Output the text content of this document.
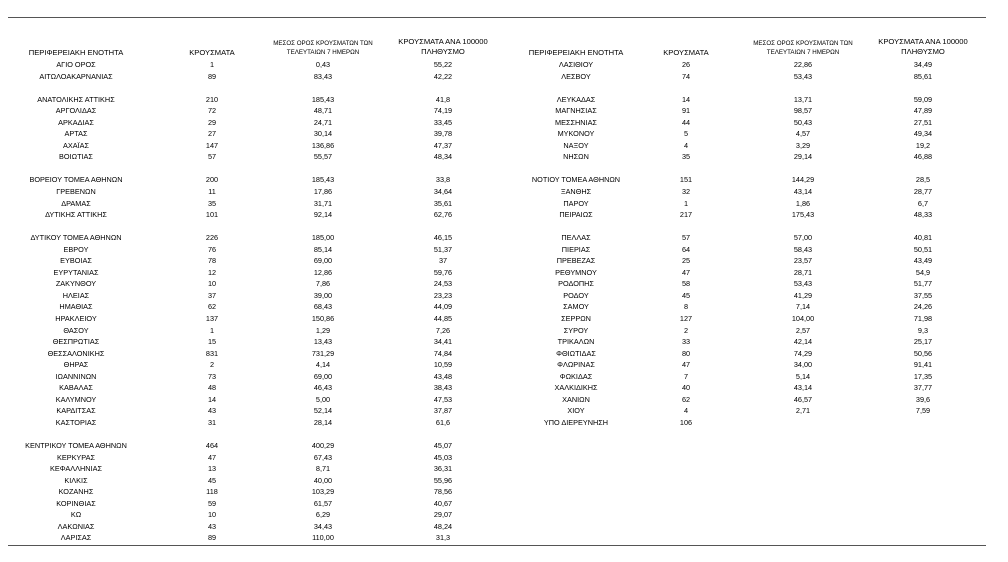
ΠΕΡΙΦΕΡΕΙΑΚΗ ΕΝΟΤΗΤΑ	ΚΡΟΥΣΜΑΤΑ
ΜΕΣΟΣ ΟΡΟΣ ΚΡΟΥΣΜΑΤΩΝ ΤΩΝ
ΤΕΛΕΥΤΑΙΩΝ 7 ΗΜΕΡΩΝ
ΚΡΟΥΣΜΑΤΑ ΑΝΑ 100000
ΠΛΗΘΥΣΜΟ
ΑΓΙΟ ΟΡΟΣ	1	0,43	55,22
ΑΙΤΩΛΟΑΚΑΡΝΑΝΙΑΣ	89	83,43	42,22
ΑΝΑΤΟΛΙΚΗΣ ΑΤΤΙΚΗΣ	210	185,43	41,8
ΑΡΓΟΛΙΔΑΣ	72	48,71	74,19
ΑΡΚΑΔΙΑΣ	29	24,71	33,45
ΑΡΤΑΣ	27	30,14	39,78
ΑΧΑΪΑΣ	147	136,86	47,37
ΒΟΙΩΤΙΑΣ	57	55,57	48,34
ΒΟΡΕΙΟΥ ΤΟΜΕΑ ΑΘΗΝΩΝ	200	185,43	33,8
ΓΡΕΒΕΝΩΝ	11	17,86	34,64
ΔΡΑΜΑΣ	35	31,71	35,61
ΔΥΤΙΚΗΣ ΑΤΤΙΚΗΣ	101	92,14	62,76
ΔΥΤΙΚΟΥ ΤΟΜΕΑ ΑΘΗΝΩΝ	226	185,00	46,15
ΕΒΡΟΥ	76	85,14	51,37
ΕΥΒΟΙΑΣ	78	69,00	37
ΕΥΡΥΤΑΝΙΑΣ	12	12,86	59,76
ΖΑΚΥΝΘΟΥ	10	7,86	24,53
ΗΛΕΙΑΣ	37	39,00	23,23
ΗΜΑΘΙΑΣ	62	68,43	44,09
ΗΡΑΚΛΕΙΟΥ	137	150,86	44,85
ΘΑΣΟΥ	1	1,29	7,26
ΘΕΣΠΡΩΤΙΑΣ	15	13,43	34,41
ΘΕΣΣΑΛΟΝΙΚΗΣ	831	731,29	74,84
ΘΗΡΑΣ	2	4,14	10,59
ΙΩΑΝΝΙΝΩΝ	73	69,00	43,48
ΚΑΒΑΛΑΣ	48	46,43	38,43
ΚΑΛΥΜΝΟΥ	14	5,00	47,53
ΚΑΡΔΙΤΣΑΣ	43	52,14	37,87
ΚΑΣΤΟΡΙΑΣ	31	28,14	61,6
ΚΕΝΤΡΙΚΟΥ ΤΟΜΕΑ ΑΘΗΝΩΝ	464	400,29	45,07
ΚΕΡΚΥΡΑΣ	47	67,43	45,03
ΚΕΦΑΛΛΗΝΙΑΣ	13	8,71	36,31
ΚΙΛΚΙΣ	45	40,00	55,96
ΚΟΖΑΝΗΣ	118	103,29	78,56
ΚΟΡΙΝΘΙΑΣ	59	61,57	40,67
ΚΩ	10	6,29	29,07
ΛΑΚΩΝΙΑΣ	43	34,43	48,24
ΛΑΡΙΣΑΣ	89	110,00	31,3
ΠΕΡΙΦΕΡΕΙΑΚΗ ΕΝΟΤΗΤΑ	ΚΡΟΥΣΜΑΤΑ
ΜΕΣΟΣ ΟΡΟΣ ΚΡΟΥΣΜΑΤΩΝ ΤΩΝ
ΤΕΛΕΥΤΑΙΩΝ 7 ΗΜΕΡΩΝ
ΚΡΟΥΣΜΑΤΑ ΑΝΑ 100000
ΠΛΗΘΥΣΜΟ
ΛΑΣΙΘΙΟΥ	26	22,86	34,49
ΛΕΣΒΟΥ	74	53,43	85,61
ΛΕΥΚΑΔΑΣ	14	13,71	59,09
ΜΑΓΝΗΣΙΑΣ	91	98,57	47,89
ΜΕΣΣΗΝΙΑΣ	44	50,43	27,51
ΜΥΚΟΝΟΥ	5	4,57	49,34
ΝΑΞΟΥ	4	3,29	19,2
ΝΗΣΩΝ	35	29,14	46,88
ΝΟΤΙΟΥ ΤΟΜΕΑ ΑΘΗΝΩΝ	151	144,29	28,5
ΞΑΝΘΗΣ	32	43,14	28,77
ΠΑΡΟΥ	1	1,86	6,7
ΠΕΙΡΑΙΩΣ	217	175,43	48,33
ΠΕΛΛΑΣ	57	57,00	40,81
ΠΙΕΡΙΑΣ	64	58,43	50,51
ΠΡΕΒΕΖΑΣ	25	23,57	43,49
ΡΕΘΥΜΝΟΥ	47	28,71	54,9
ΡΟΔΟΠΗΣ	58	53,43	51,77
ΡΟΔΟΥ	45	41,29	37,55
ΣΑΜΟΥ	8	7,14	24,26
ΣΕΡΡΩΝ	127	104,00	71,98
ΣΥΡΟΥ	2	2,57	9,3
ΤΡΙΚΑΛΩΝ	33	42,14	25,17
ΦΘΙΩΤΙΔΑΣ	80	74,29	50,56
ΦΛΩΡΙΝΑΣ	47	34,00	91,41
ΦΩΚΙΔΑΣ	7	5,14	17,35
ΧΑΛΚΙΔΙΚΗΣ	40	43,14	37,77
ΧΑΝΙΩΝ	62	46,57	39,6
ΧΙΟΥ	4	2,71	7,59
ΥΠΟ ΔΙΕΡΕΥΝΗΣΗ	106
